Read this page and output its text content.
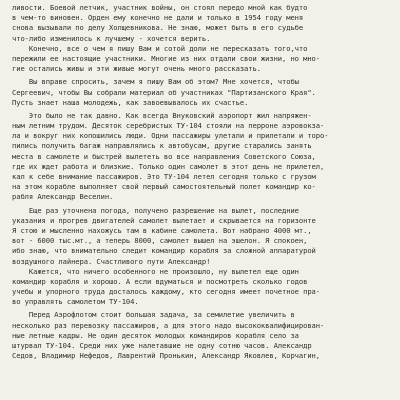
ливости. Боевой летчик, участник войны, он стоял передо мной как будто
в чем-то виновен. Орден ему конечно не дали и только в 1954 году меня
снова вызывали по делу Холщевникова. Не знаю, может быть в его судьбе
что-либо изменилось к лучшему - хочется верить.
Конечно, все о чем я пишу Вам и сотой доли не пересказать того,что
пережили ее настоящие участники. Многие из них отдали свои жизни, но мно-
гие остались живы и эти живые могут очень много рассказать.
Вы вправе спросить, зачем я пишу Вам об этом? Мне хочется, чтобы
Сергеевич, чтобы Вы собрали материал об участниках "Партизанского Края".
Пусть знает наша молодежь, как завоевывалось их счастье.
Это было не так давно. Как всегда Внуковский аэропорт жил напряжен-
ным летним трудом. Десяток серебристых ТУ-104 стояли на перроне аэровокза-
ла и вокруг них копошились люди. Одни пассажиры улетали и прилетали и торо-
пились получить багаж направлялись к автобусам, другие старались занять
места в самолете и быстрей вылететь во все направления Советского Союза,
где их ждет работа и близкие. Только один самолет в этот день не прилетел,
кал к себе внимание пассажиров. Это ТУ-104 летел сегодня только с грузом
на этом корабле выполняет свой первый самостоятельный полет командир ко-
рабля Александр Веселин.
Еще раз уточнена погода, получено разрешение на вылет, последние
указания и прогрев двигателей самолет вылетает и скрывается на горизонте
Я стою и мысленно нахожусь там в кабине самолета. Вот набрано 4000 мт.,
вот - 6000 тыс.мт., а теперь 8000, самолет вышел на эшелон. Я спокоен,
ибо знаю, что внимательно следит командир корабля за сложной аппаратурой
воздушного лайнера. Счастливого пути Александр!
Кажется, что ничего особенного не произошло, ну вылетел еще один
командир корабля и хорошо. А если вдуматься и посмотреть сколько годов
учебы и упорного труда досталось каждому, кто сегодня имеет почетное пра-
во управлять самолетом ТУ-104.
Перед Аэрофлотом стоит большая задача, за семилетие увеличить в
несколько раз перевозку пассажиров, а для этого надо высококвалифицирован-
ные летные кадры. Не один десяток молодых командиров корабля село за
штурвал ТУ-104. Среди них уже налетавшие не одну сотню часов. Александр
Седов, Владимир Нефедов, Лаврентий Пронькин, Александр Яковлев, Корчагин,
